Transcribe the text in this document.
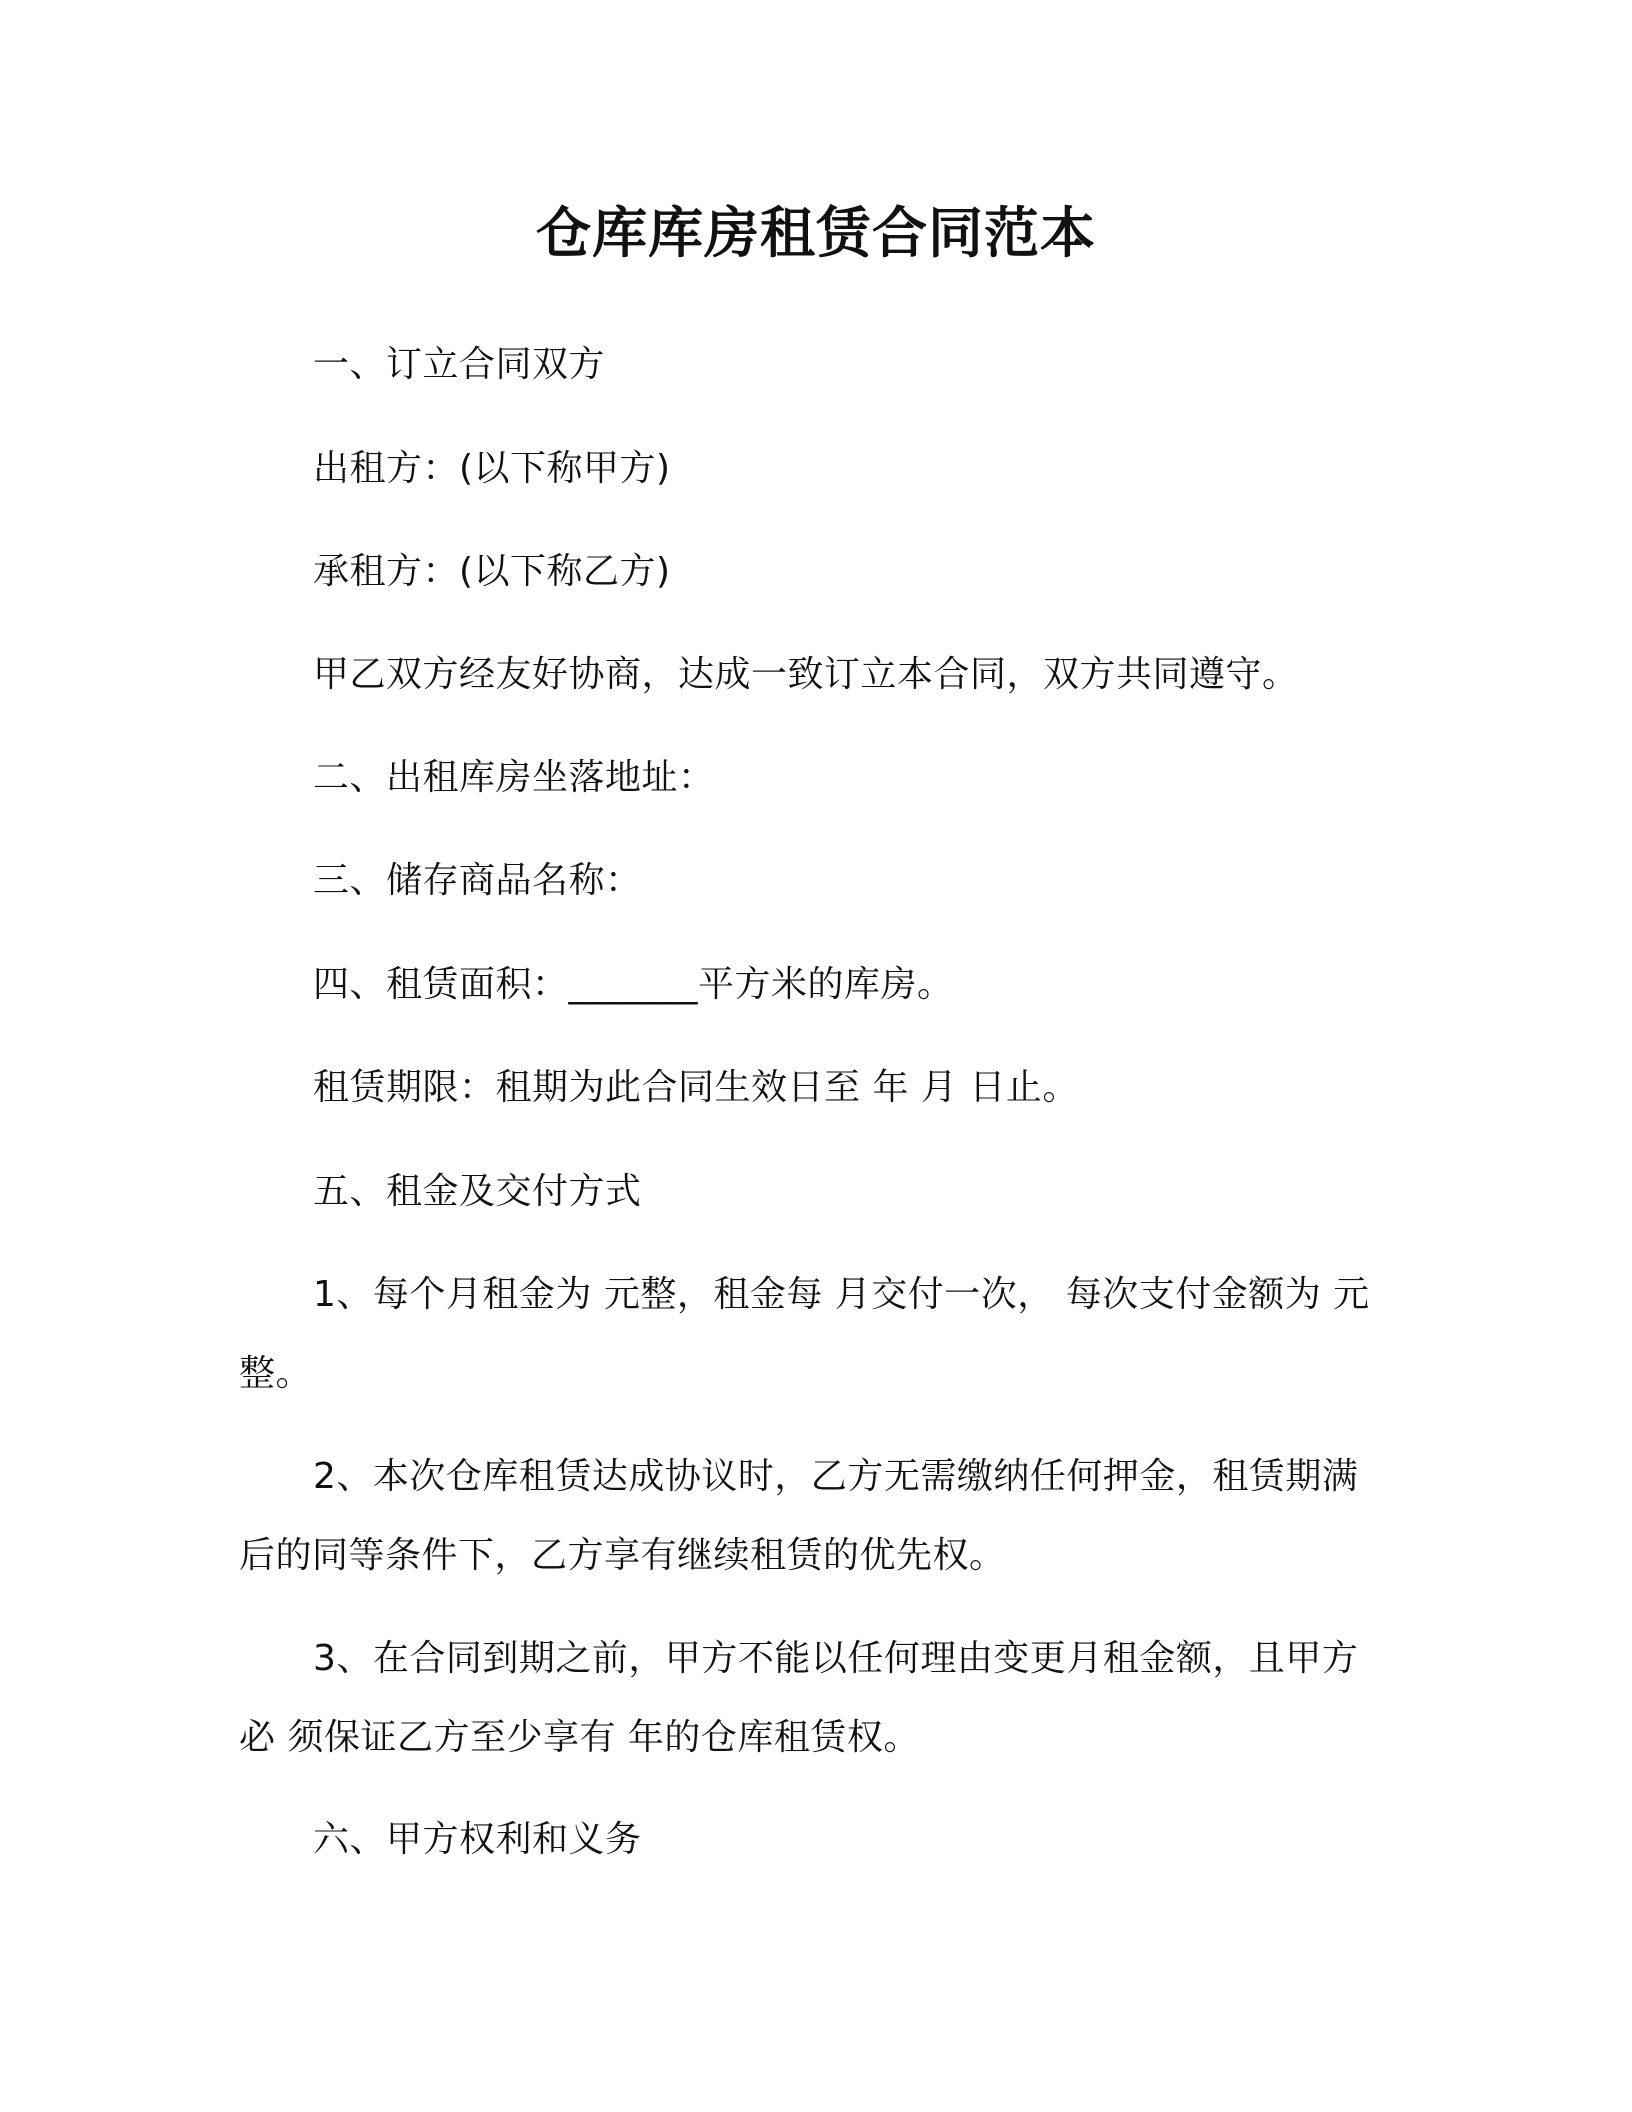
仓库库房租赁合同范本

一、订立合同双方

出租方：(以下称甲方)

承租方：(以下称乙方)

甲乙双方经友好协商，达成一致订立本合同，双方共同遵守。

二、出租库房坐落地址：

三、储存商品名称：

四、租赁面积：_______平方米的库房。

租赁期限：租期为此合同生效日至 年 月 日止。

五、租金及交付方式

1、每个月租金为 元整，租金每 月交付一次， 每次支付金额为 元

整。

2、本次仓库租赁达成协议时，乙方无需缴纳任何押金，租赁期满

后的同等条件下，乙方享有继续租赁的优先权。

3、在合同到期之前，甲方不能以任何理由变更月租金额，且甲方

必 须保证乙方至少享有 年的仓库租赁权。

六、甲方权利和义务
